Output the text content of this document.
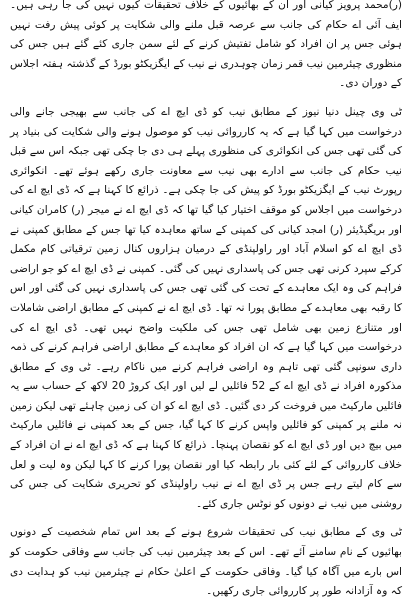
(ر)محمد پرویز کیانی اور ان کے بھائیوں کے خلاف تحقیقات کیوں نہیں کی جا رہی ہیں۔ ایف آئی اے حکام کی جانب سے عرصہ قبل ملنے والی شکایت پر کوئی پیش رفت نہیں ہوئی جس پر ان افراد کو شامل تفتیش کرنے کے لئے سمن جاری کئے گئے ہیں جس کی منظوری چیئرمین نیب قمر زمان چوہدری نے نیب کے ایگزیکٹو بورڈ کے گذشتہ ہفتہ اجلاس کے دوران دی۔

ٹی وی چینل دنیا نیوز کے مطابق نیب کو ڈی ایچ اے کی جانب سے بھیجی جانے والی درخواست میں کہا گیا ہے کہ یہ کارروائی نیب کو موصول ہونے والی شکایت کی بنیاد پر کی گئی تھی جس کی انکوائری کی منظوری پہلے ہی دی جا چکی تھی جبکہ اس سے قبل نیب حکام کی جانب سے ادارے بھی نیب سے معاونت جاری رکھے ہوئے تھے۔ انکوائری رپورٹ نیب کے ایگزیکٹو بورڈ کو پیش کی جا چکی ہے۔ ذرائع کا کہنا ہے کہ ڈی ایچ اے کی درخواست میں اجلاس کو موقف اختیار کیا گیا تھا کہ ڈی ایچ اے نے میجر (ر) کامران کیانی اور بریگیڈیئر (ر) امجد کیانی کی کمپنی کے ساتھ معاہدہ کیا تھا جس کے مطابق کمپنی نے ڈی ایچ اے کو اسلام آباد اور راولپنڈی کے درمیان ہزاروں کنال زمین ترقیاتی کام مکمل کرکے سپرد کرنی تھی جس کی پاسداری نہیں کی گئی۔ کمپنی نے ڈی ایچ اے کو جو اراضی فراہم کی وہ ایک معاہدے کے تحت کی گئی تھی جس کی پاسداری نہیں کی گئی اور اس کا رقبہ بھی معاہدے کے مطابق پورا نہ تھا۔ ڈی ایچ اے نے کمپنی کے مطابق اراضی شاملات اور متنازع زمین بھی شامل تھی جس کی ملکیت واضح نہیں تھی۔ ڈی ایچ اے کی درخواست میں کہا گیا ہے کہ ان افراد کو معاہدے کے مطابق اراضی فراہم کرنے کی ذمہ داری سونپی گئی تھی تاہم وہ اراضی فراہم کرنے میں ناکام رہے۔ ٹی وی کے مطابق مذکورہ افراد نے ڈی ایچ اے کے 52 فائلیں لے لیں اور ایک کروڑ 20 لاکھ کے حساب سے یہ فائلیں مارکیٹ میں فروخت کر دی گئیں۔ ڈی ایچ اے کو ان کی زمین چاہئے تھی لیکن زمین نہ ملنے پر کمپنی کو فائلیں واپس کرنے کا کہا گیا، جس کے بعد کمپنی نے فائلیں مارکیٹ میں بیچ دیں اور ڈی ایچ اے کو نقصان پہنچا۔ ذرائع کا کہنا ہے کہ ڈی ایچ اے نے ان افراد کے خلاف کارروائی کے لئے کئی بار رابطہ کیا اور نقصان پورا کرنے کا کہا لیکن وہ لیت و لعل سے کام لیتے رہے جس پر ڈی ایچ اے نے نیب راولپنڈی کو تحریری شکایت کی جس کی روشنی میں نیب نے دونوں کو نوٹس جاری کئے۔

ٹی وی کے مطابق نیب کی تحقیقات شروع ہونے کے بعد اس تمام شخصیت کے دونوں بھائیوں کے نام سامنے آئے تھے۔ اس کے بعد چیئرمین نیب کی جانب سے وفاقی حکومت کو اس بارے میں آگاہ کیا گیا۔ وفاقی حکومت کے اعلیٰ حکام نے چیئرمین نیب کو ہدایت دی کہ وہ آزادانہ طور پر کارروائی جاری رکھیں۔
